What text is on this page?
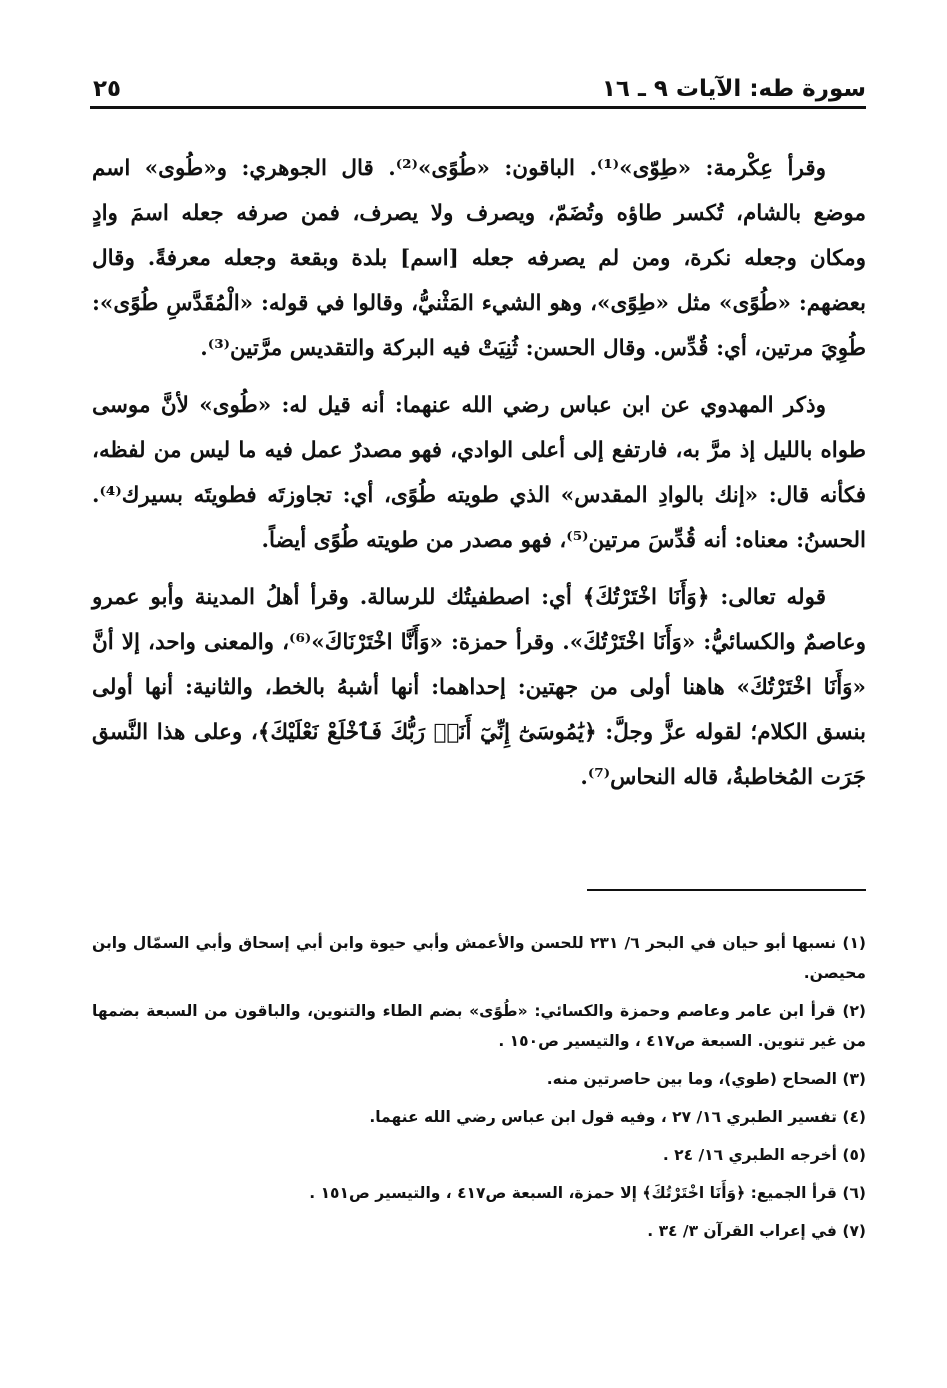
سورة طه: الآيات ٩ ـ ١٦
٢٥

وقرأ عِكْرمة: «طِوّى»⁽¹⁾. الباقون: «طُوًى»⁽²⁾. قال الجوهري: و«طُوى» اسم موضع بالشام، تُكسر طاؤه وتُضَمّ، ويصرف ولا يصرف، فمن صرفه جعله اسمَ وادٍ ومكان وجعله نكرة، ومن لم يصرفه جعله [اسم] بلدة وبقعة وجعله معرفةً. وقال بعضهم: «طُوًى» مثل «طِوًى»، وهو الشيء المَثْنيُّ، وقالوا في قوله: «الْمُقَدَّسِ طُوًى»: طُوِيَ مرتين، أي: قُدِّس. وقال الحسن: ثُنِيَتْ فيه البركة والتقديس مرَّتين⁽³⁾.

وذكر المهدوي عن ابن عباس رضي الله عنهما: أنه قيل له: «طُوى» لأنَّ موسى طواه بالليل إذ مرَّ به، فارتفع إلى أعلى الوادي، فهو مصدرٌ عمل فيه ما ليس من لفظه، فكأنه قال: «إنك بالوادِ المقدس» الذي طويته طُوًى، أي: تجاوزتَه فطويتَه بسيرك⁽⁴⁾. الحسنُ: معناه: أنه قُدِّسَ مرتين⁽⁵⁾، فهو مصدر من طويته طُوًى أيضاً.

قوله تعالى: ﴿وَأَنَا اخْتَرْتُكَ﴾ أي: اصطفيتُك للرسالة. وقرأ أهلُ المدينة وأبو عمرو وعاصمٌ والكسائيُّ: «وَأَنَا اخْتَرْتُكَ». وقرأ حمزة: «وَأَنَّا اخْتَرْنَاكَ»⁽⁶⁾، والمعنى واحد، إلا أنَّ «وَأَنَا اخْتَرْتُكَ» هاهنا أولى من جهتين: إحداهما: أنها أشبهُ بالخط، والثانية: أنها أولى بنسق الكلام؛ لقوله عزَّ وجلَّ: ﴿يَٰمُوسَىٰٓ إِنِّيٓ أَنَا۠ رَبُّكَ فَٱخْلَعْ نَعْلَيْكَ﴾، وعلى هذا النَّسق جَرَت المُخاطبةُ، قاله النحاس⁽⁷⁾.

(١) نسبها أبو حيان في البحر ٦/ ٢٣١ للحسن والأعمش وأبي حيوة وابن أبي إسحاق وأبي السمّال وابن محيصن.
(٢) قرأ ابن عامر وعاصم وحمزة والكسائي: «طُوًى» بضم الطاء والتنوين، والباقون من السبعة بضمها من غير تنوين. السبعة ص٤١٧ ، والتيسير ص١٥٠ .
(٣) الصحاح (طوي)، وما بين حاصرتين منه.
(٤) تفسير الطبري ١٦/ ٢٧ ، وفيه قول ابن عباس رضي الله عنهما.
(٥) أخرجه الطبري ١٦/ ٢٤ .
(٦) قرأ الجميع: ﴿وَأَنَا اخْتَرْتُكَ﴾ إلا حمزة، السبعة ص٤١٧ ، والتيسير ص١٥١ .
(٧) في إعراب القرآن ٣/ ٣٤ .
